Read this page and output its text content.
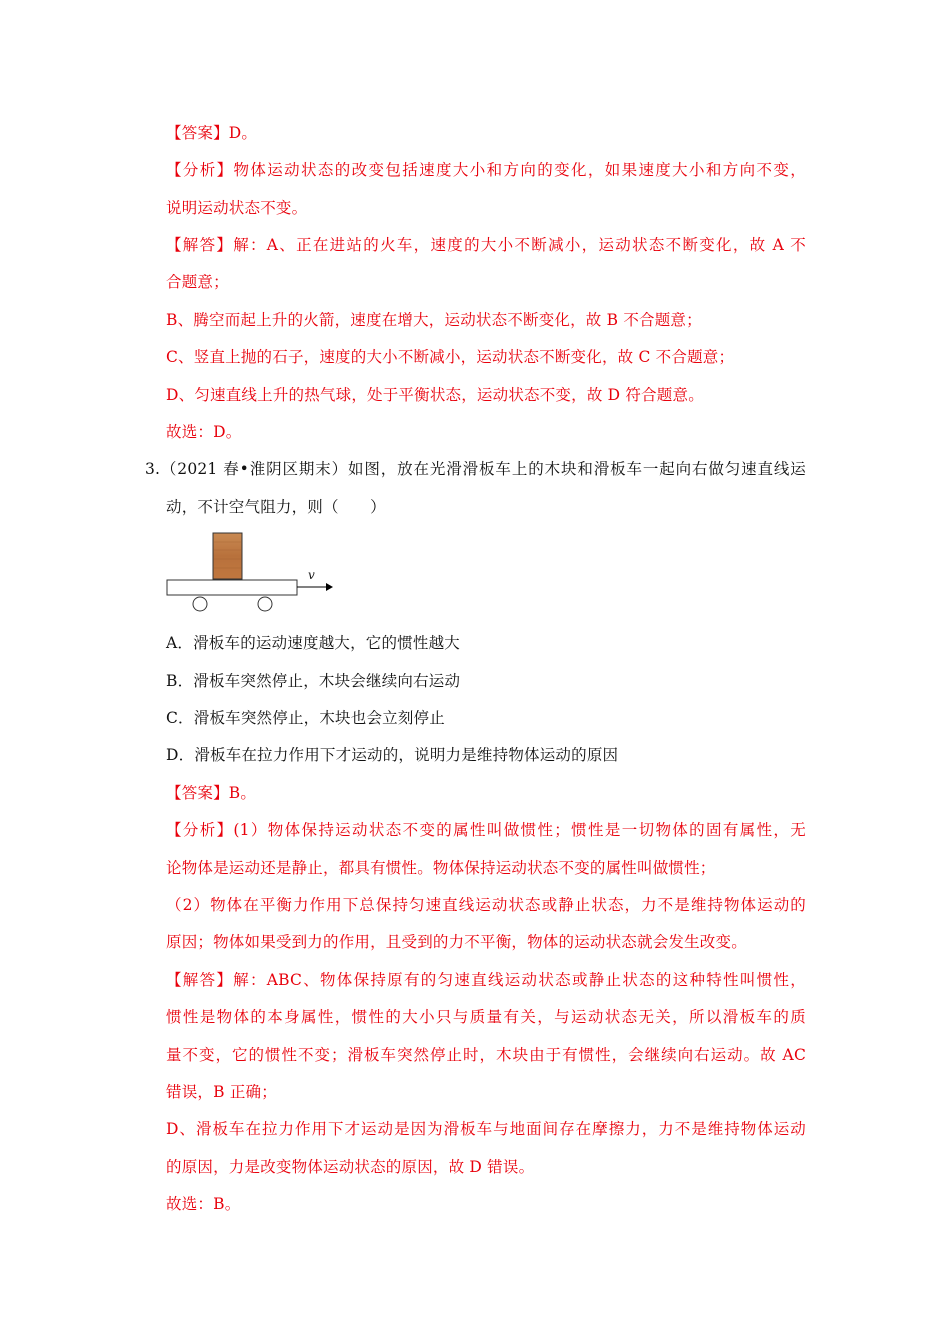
【答案】D。
【分析】物体运动状态的改变包括速度大小和方向的变化，如果速度大小和方向不变，
说明运动状态不变。
【解答】解：A、正在进站的火车，速度的大小不断减小，运动状态不断变化，故 A 不
合题意；
B、腾空而起上升的火箭，速度在增大，运动状态不断变化，故 B 不合题意；
C、竖直上抛的石子，速度的大小不断减小，运动状态不断变化，故 C 不合题意；
D、匀速直线上升的热气球，处于平衡状态，运动状态不变，故 D 符合题意。
故选：D。
3.（2021 春•淮阴区期末）如图，放在光滑滑板车上的木块和滑板车一起向右做匀速直线运
动，不计空气阻力，则（　　）
v
A．滑板车的运动速度越大，它的惯性越大
B．滑板车突然停止，木块会继续向右运动
C．滑板车突然停止，木块也会立刻停止
D．滑板车在拉力作用下才运动的，说明力是维持物体运动的原因
【答案】B。
【分析】(1）物体保持运动状态不变的属性叫做惯性；惯性是一切物体的固有属性，无
论物体是运动还是静止，都具有惯性。物体保持运动状态不变的属性叫做惯性；
（2）物体在平衡力作用下总保持匀速直线运动状态或静止状态，力不是维持物体运动的
原因；物体如果受到力的作用，且受到的力不平衡，物体的运动状态就会发生改变。
【解答】解：ABC、物体保持原有的匀速直线运动状态或静止状态的这种特性叫惯性，
惯性是物体的本身属性，惯性的大小只与质量有关，与运动状态无关，所以滑板车的质
量不变，它的惯性不变；滑板车突然停止时，木块由于有惯性，会继续向右运动。故 AC
错误，B 正确；
D、滑板车在拉力作用下才运动是因为滑板车与地面间存在摩擦力，力不是维持物体运动
的原因，力是改变物体运动状态的原因，故 D 错误。
故选：B。
